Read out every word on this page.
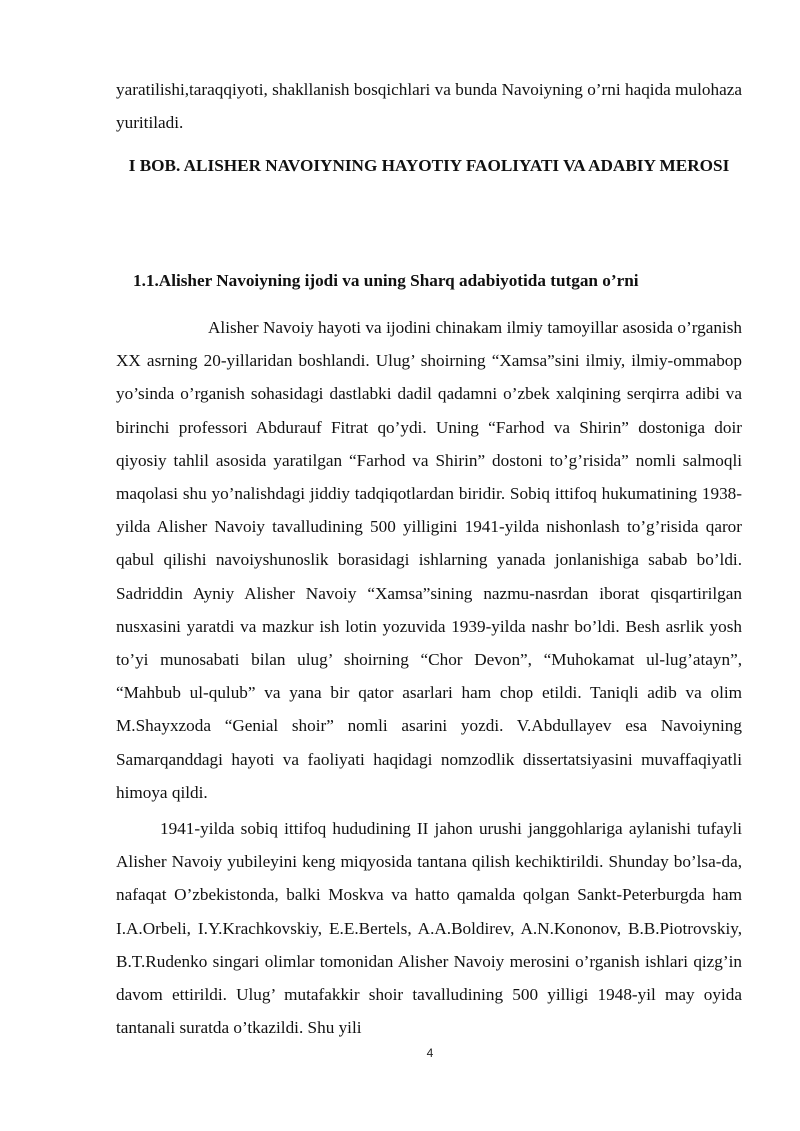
yaratilishi,taraqqiyoti, shakllanish bosqichlari va bunda Navoiyning o’rni haqida mulohaza yuritiladi.

I BOB. ALISHER NAVOIYNING HAYOTIY FAOLIYATI VA ADABIY MEROSI
1.1.Alisher Navoiyning ijodi va uning Sharq adabiyotida tutgan o’rni

Alisher Navoiy hayoti va ijodini chinakam ilmiy tamoyillar asosida o’rganish XX asrning 20-yillaridan boshlandi. Ulug’ shoirning “Xamsa”sini ilmiy, ilmiy-ommabop yo’sinda o’rganish sohasidagi dastlabki dadil qadamni o’zbek xalqining serqirra adibi va birinchi professori Abdurauf Fitrat qo’ydi. Uning “Farhod va Shirin” dostoniga doir qiyosiy tahlil asosida yaratilgan “Farhod va Shirin” dostoni to’g’risida” nomli salmoqli maqolasi shu yo’nalishdagi jiddiy tadqiqotlardan biridir. Sobiq ittifoq hukumatining 1938-yilda Alisher Navoiy tavalludining 500 yilligini 1941-yilda nishonlash to’g’risida qaror qabul qilishi navoiyshunoslik borasidagi ishlarning yanada jonlanishiga sabab bo’ldi. Sadriddin Ayniy Alisher Navoiy “Xamsa”sining nazmu-nasrdan iborat qisqartirilgan nusxasini yaratdi va mazkur ish lotin yozuvida 1939-yilda nashr bo’ldi. Besh asrlik yosh to’yi munosabati bilan ulug’ shoirning “Chor Devon”, “Muhokamat ul-lug’atayn”, “Mahbub ul-qulub” va yana bir qator asarlari ham chop etildi. Taniqli adib va olim M.Shayxzoda “Genial shoir” nomli asarini yozdi. V.Abdullayev esa Navoiyning Samarqanddagi hayoti va faoliyati haqidagi nomzodlik dissertatsiyasini muvaffaqiyatli himoya qildi.

1941-yilda sobiq ittifoq hududining II jahon urushi janggohlariga aylanishi tufayli Alisher Navoiy yubileyini keng miqyosida tantana qilish kechiktirildi. Shunday bo’lsa-da, nafaqat O’zbekistonda, balki Moskva va hatto qamalda qolgan Sankt-Peterburgda ham I.A.Orbeli, I.Y.Krachkovskiy, E.E.Bertels, A.A.Boldirev, A.N.Kononov, B.B.Piotrovskiy, B.T.Rudenko singari olimlar tomonidan Alisher Navoiy merosini o’rganish ishlari qizg’in davom ettirildi. Ulug’ mutafakkir shoir tavalludining 500 yilligi 1948-yil may oyida tantanali suratda o’tkazildi. Shu yili

4
